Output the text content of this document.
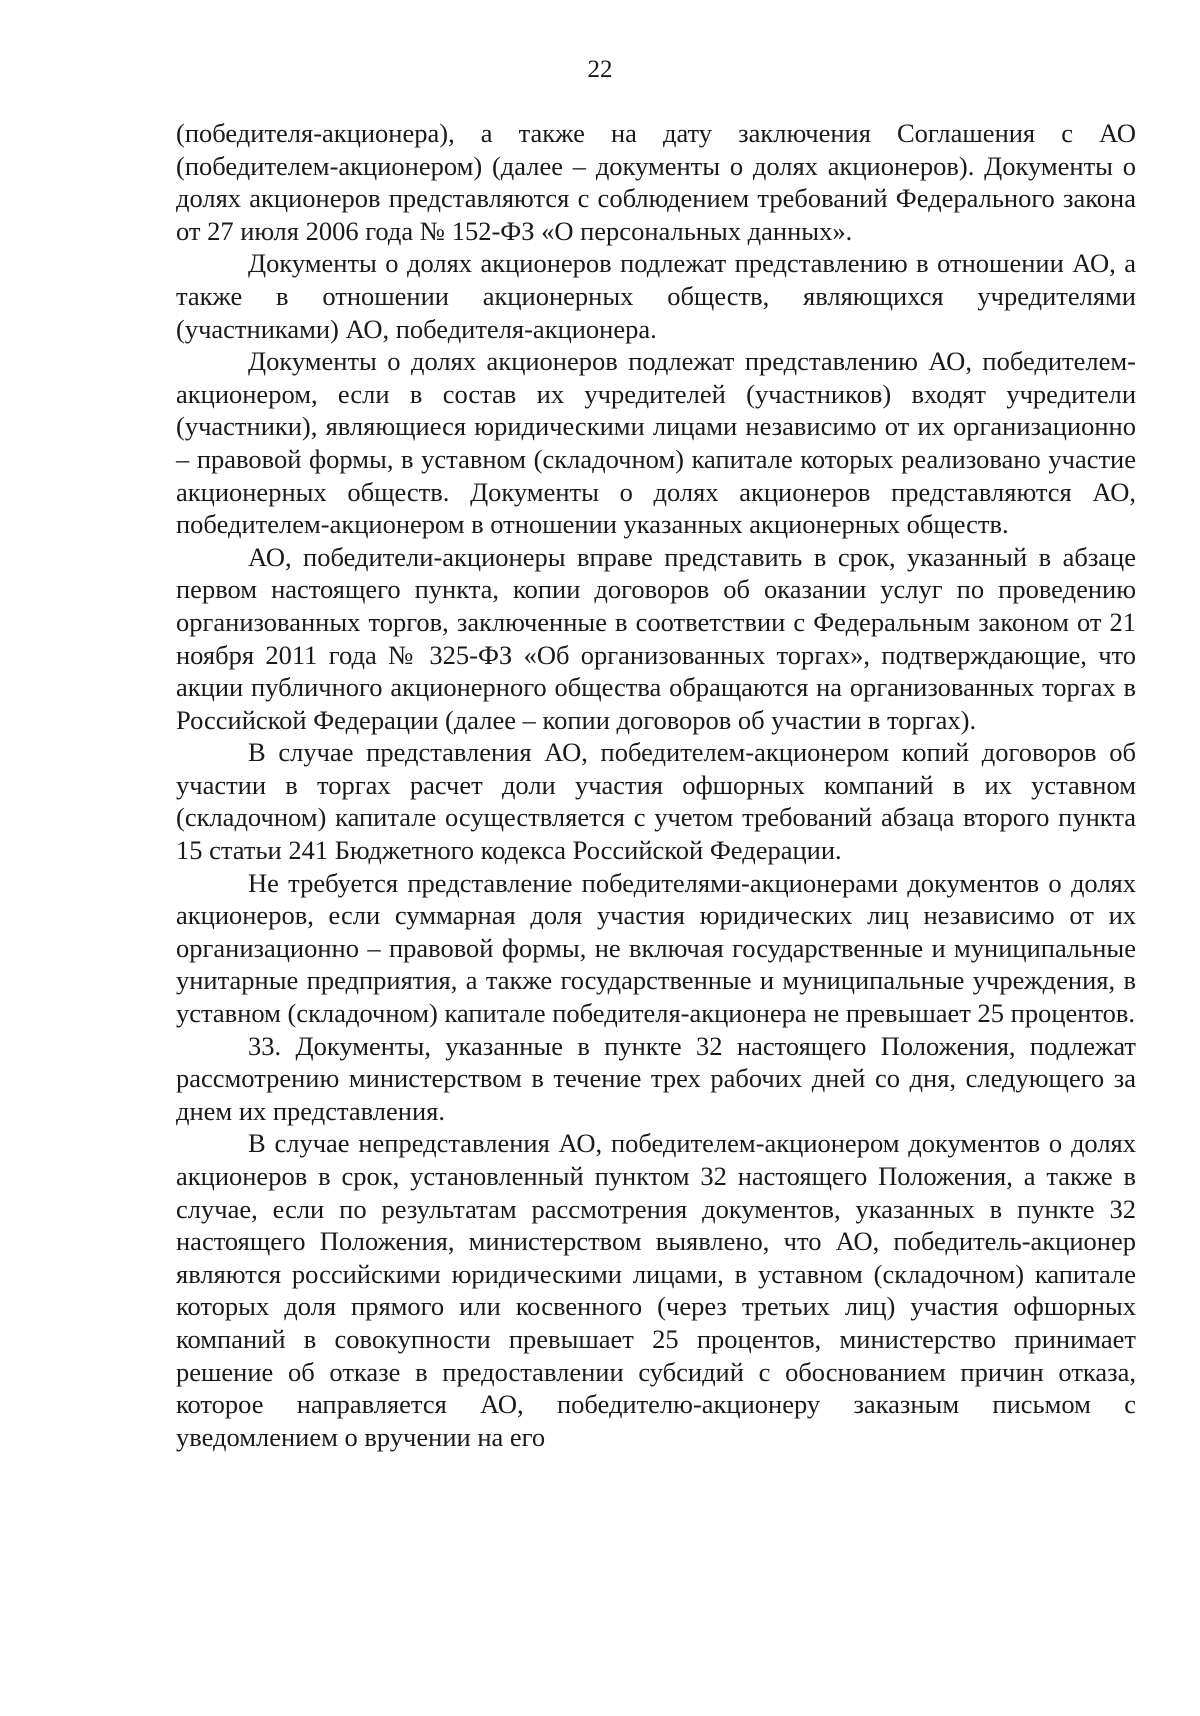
22

(победителя-акционера), а также на дату заключения Соглашения с АО (победителем-акционером) (далее – документы о долях акционеров). Документы о долях акционеров представляются с соблюдением требований Федерального закона от 27 июля 2006 года № 152-ФЗ «О персональных данных».

Документы о долях акционеров подлежат представлению в отношении АО, а также в отношении акционерных обществ, являющихся учредителями (участниками) АО, победителя-акционера.

Документы о долях акционеров подлежат представлению АО, победителем-акционером, если в состав их учредителей (участников) входят учредители (участники), являющиеся юридическими лицами независимо от их организационно – правовой формы, в уставном (складочном) капитале которых реализовано участие акционерных обществ. Документы о долях акционеров представляются АО, победителем-акционером в отношении указанных акционерных обществ.

АО, победители-акционеры вправе представить в срок, указанный в абзаце первом настоящего пункта, копии договоров об оказании услуг по проведению организованных торгов, заключенные в соответствии с Федеральным законом от 21 ноября 2011 года № 325-ФЗ «Об организованных торгах», подтверждающие, что акции публичного акционерного общества обращаются на организованных торгах в Российской Федерации (далее – копии договоров об участии в торгах).

В случае представления АО, победителем-акционером копий договоров об участии в торгах расчет доли участия офшорных компаний в их уставном (складочном) капитале осуществляется с учетом требований абзаца второго пункта 15 статьи 241 Бюджетного кодекса Российской Федерации.

Не требуется представление победителями-акционерами документов о долях акционеров, если суммарная доля участия юридических лиц независимо от их организационно – правовой формы, не включая государственные и муниципальные унитарные предприятия, а также государственные и муниципальные учреждения, в уставном (складочном) капитале победителя-акционера не превышает 25 процентов.

33. Документы, указанные в пункте 32 настоящего Положения, подлежат рассмотрению министерством в течение трех рабочих дней со дня, следующего за днем их представления.

В случае непредставления АО, победителем-акционером документов о долях акционеров в срок, установленный пунктом 32 настоящего Положения, а также в случае, если по результатам рассмотрения документов, указанных в пункте 32 настоящего Положения, министерством выявлено, что АО, победитель-акционер являются российскими юридическими лицами, в уставном (складочном) капитале которых доля прямого или косвенного (через третьих лиц) участия офшорных компаний в совокупности превышает 25 процентов, министерство принимает решение об отказе в предоставлении субсидий с обоснованием причин отказа, которое направляется АО, победителю-акционеру заказным письмом с уведомлением о вручении на его
